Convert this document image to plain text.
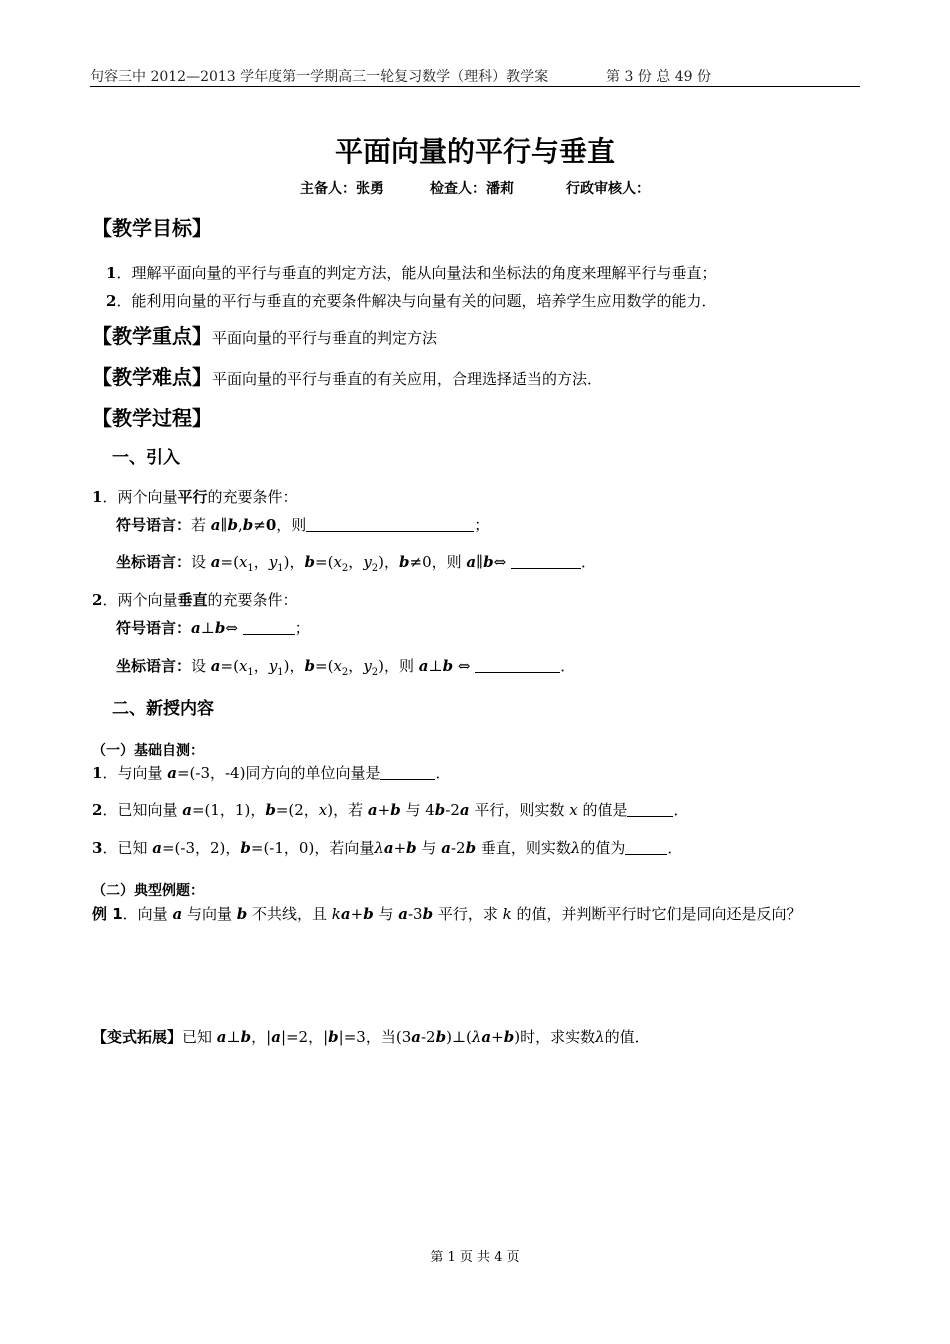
句容三中 2012—2013 学年度第一学期高三一轮复习数学（理科）教学案	第 3 份 总 49 份
平面向量的平行与垂直
主备人：张勇	检查人：潘莉	行政审核人：
【教学目标】
1．理解平面向量的平行与垂直的判定方法，能从向量法和坐标法的角度来理解平行与垂直；
2．能利用向量的平行与垂直的充要条件解决与向量有关的问题，培养学生应用数学的能力．
【教学重点】平面向量的平行与垂直的判定方法
【教学难点】平面向量的平行与垂直的有关应用，合理选择适当的方法．
【教学过程】
一、引入
1．两个向量平行的充要条件：
符号语言：若 a∥b,b≠0，则	；
坐标语言：设 $a=(x_1$，$y_1$)，$b=(x_2$，$y_2$)，b≠0，则 a∥b⇔	．
2．两个向量垂直的充要条件：
符号语言：a⊥b⇔	；
坐标语言：设 $a=(x_1$，$y_1$)，$b=(x_2$，$y_2$)，则 a⊥b ⇔	．
二、新授内容
（一）基础自测：
1．与向量 a=(-3，-4)同方向的单位向量是	．
2．已知向量 a=(1，1)，b=(2，x)，若 a+b 与 4b-2a 平行，则实数 x 的值是	．
3．已知 a=(-3，2)，b=(-1，0)，若向量λa+b 与 a-2b 垂直，则实数λ的值为	．
（二）典型例题：
例 1．向量 a 与向量 b 不共线，且 ka+b 与 a-3b 平行，求 k 的值，并判断平行时它们是同向还是反向？
【变式拓展】已知 a⊥b，|a|=2，|b|=3，当(3a-2b)⊥(λa+b)时，求实数λ的值．
第 1 页 共 4 页
